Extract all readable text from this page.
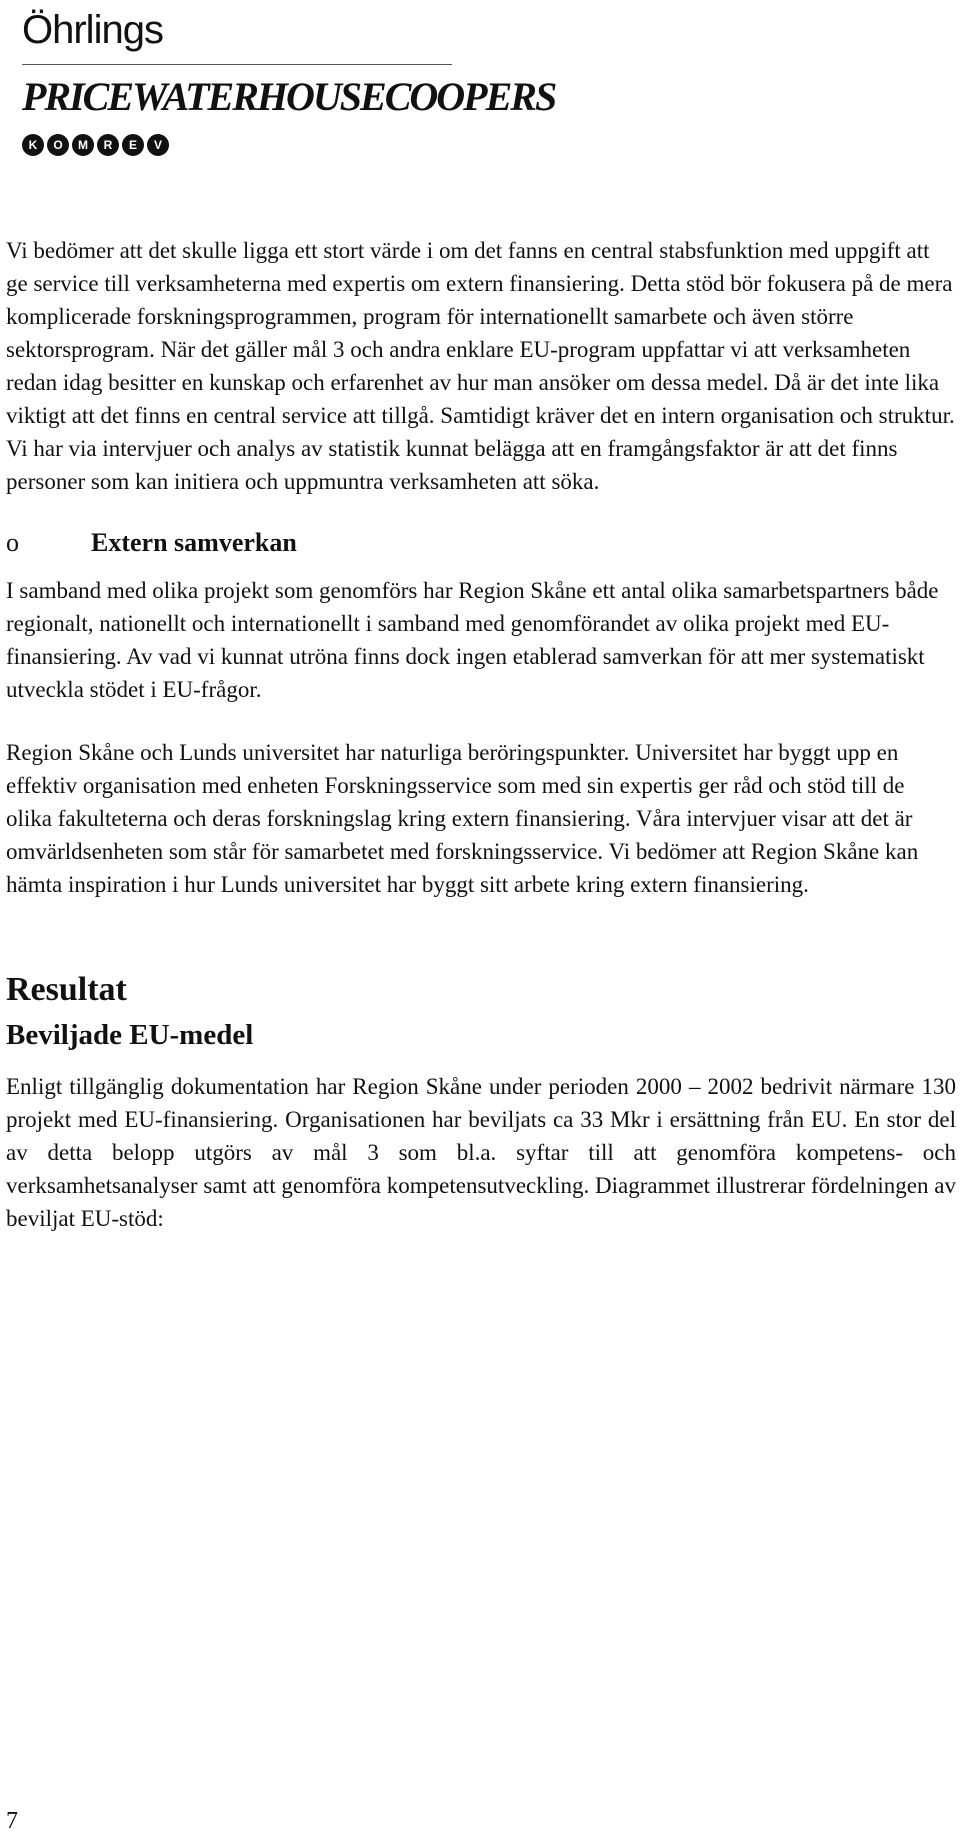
Öhrlings
PRICEWATERHOUSECOOPERS
K	O	M	R	E	V

Vi bedömer att det skulle ligga ett stort värde i om det fanns en central stabsfunktion med uppgift att ge service till verksamheterna med expertis om extern finansiering. Detta stöd bör fokusera på de mera komplicerade forskningsprogrammen, program för internationellt samarbete och även större sektorsprogram. När det gäller mål 3 och andra enklare EU-program uppfattar vi att verksamheten redan idag besitter en kunskap och erfarenhet av hur man ansöker om dessa medel. Då är det inte lika viktigt att det finns en central service att tillgå. Samtidigt kräver det en intern organisation och struktur. Vi har via intervjuer och analys av statistik kunnat belägga att en framgångsfaktor är att det finns personer som kan initiera och uppmuntra verksamheten att söka.

o	Extern samverkan

I samband med olika projekt som genomförs har Region Skåne ett antal olika samarbetspartners både regionalt, nationellt och internationellt i samband med genomförandet av olika projekt med EU-finansiering. Av vad vi kunnat utröna finns dock ingen etablerad samverkan för att mer systematiskt utveckla stödet i EU-frågor.

Region Skåne och Lunds universitet har naturliga beröringspunkter. Universitet har byggt upp en effektiv organisation med enheten Forskningsservice som med sin expertis ger råd och stöd till de olika fakulteterna och deras forskningslag kring extern finansiering. Våra intervjuer visar att det är omvärldsenheten som står för samarbetet med forskningsservice. Vi bedömer att Region Skåne kan hämta inspiration i hur Lunds universitet har byggt sitt arbete kring extern finansiering.

Resultat
Beviljade EU-medel

Enligt tillgänglig dokumentation har Region Skåne under perioden 2000 – 2002 bedrivit närmare 130 projekt med EU-finansiering. Organisationen har beviljats ca 33 Mkr i ersättning från EU. En stor del av detta belopp utgörs av mål 3 som bl.a. syftar till att genomföra kompetens- och verksamhetsanalyser samt att genomföra kompetensutveckling. Diagrammet illustrerar fördelningen av beviljat EU-stöd:

7
